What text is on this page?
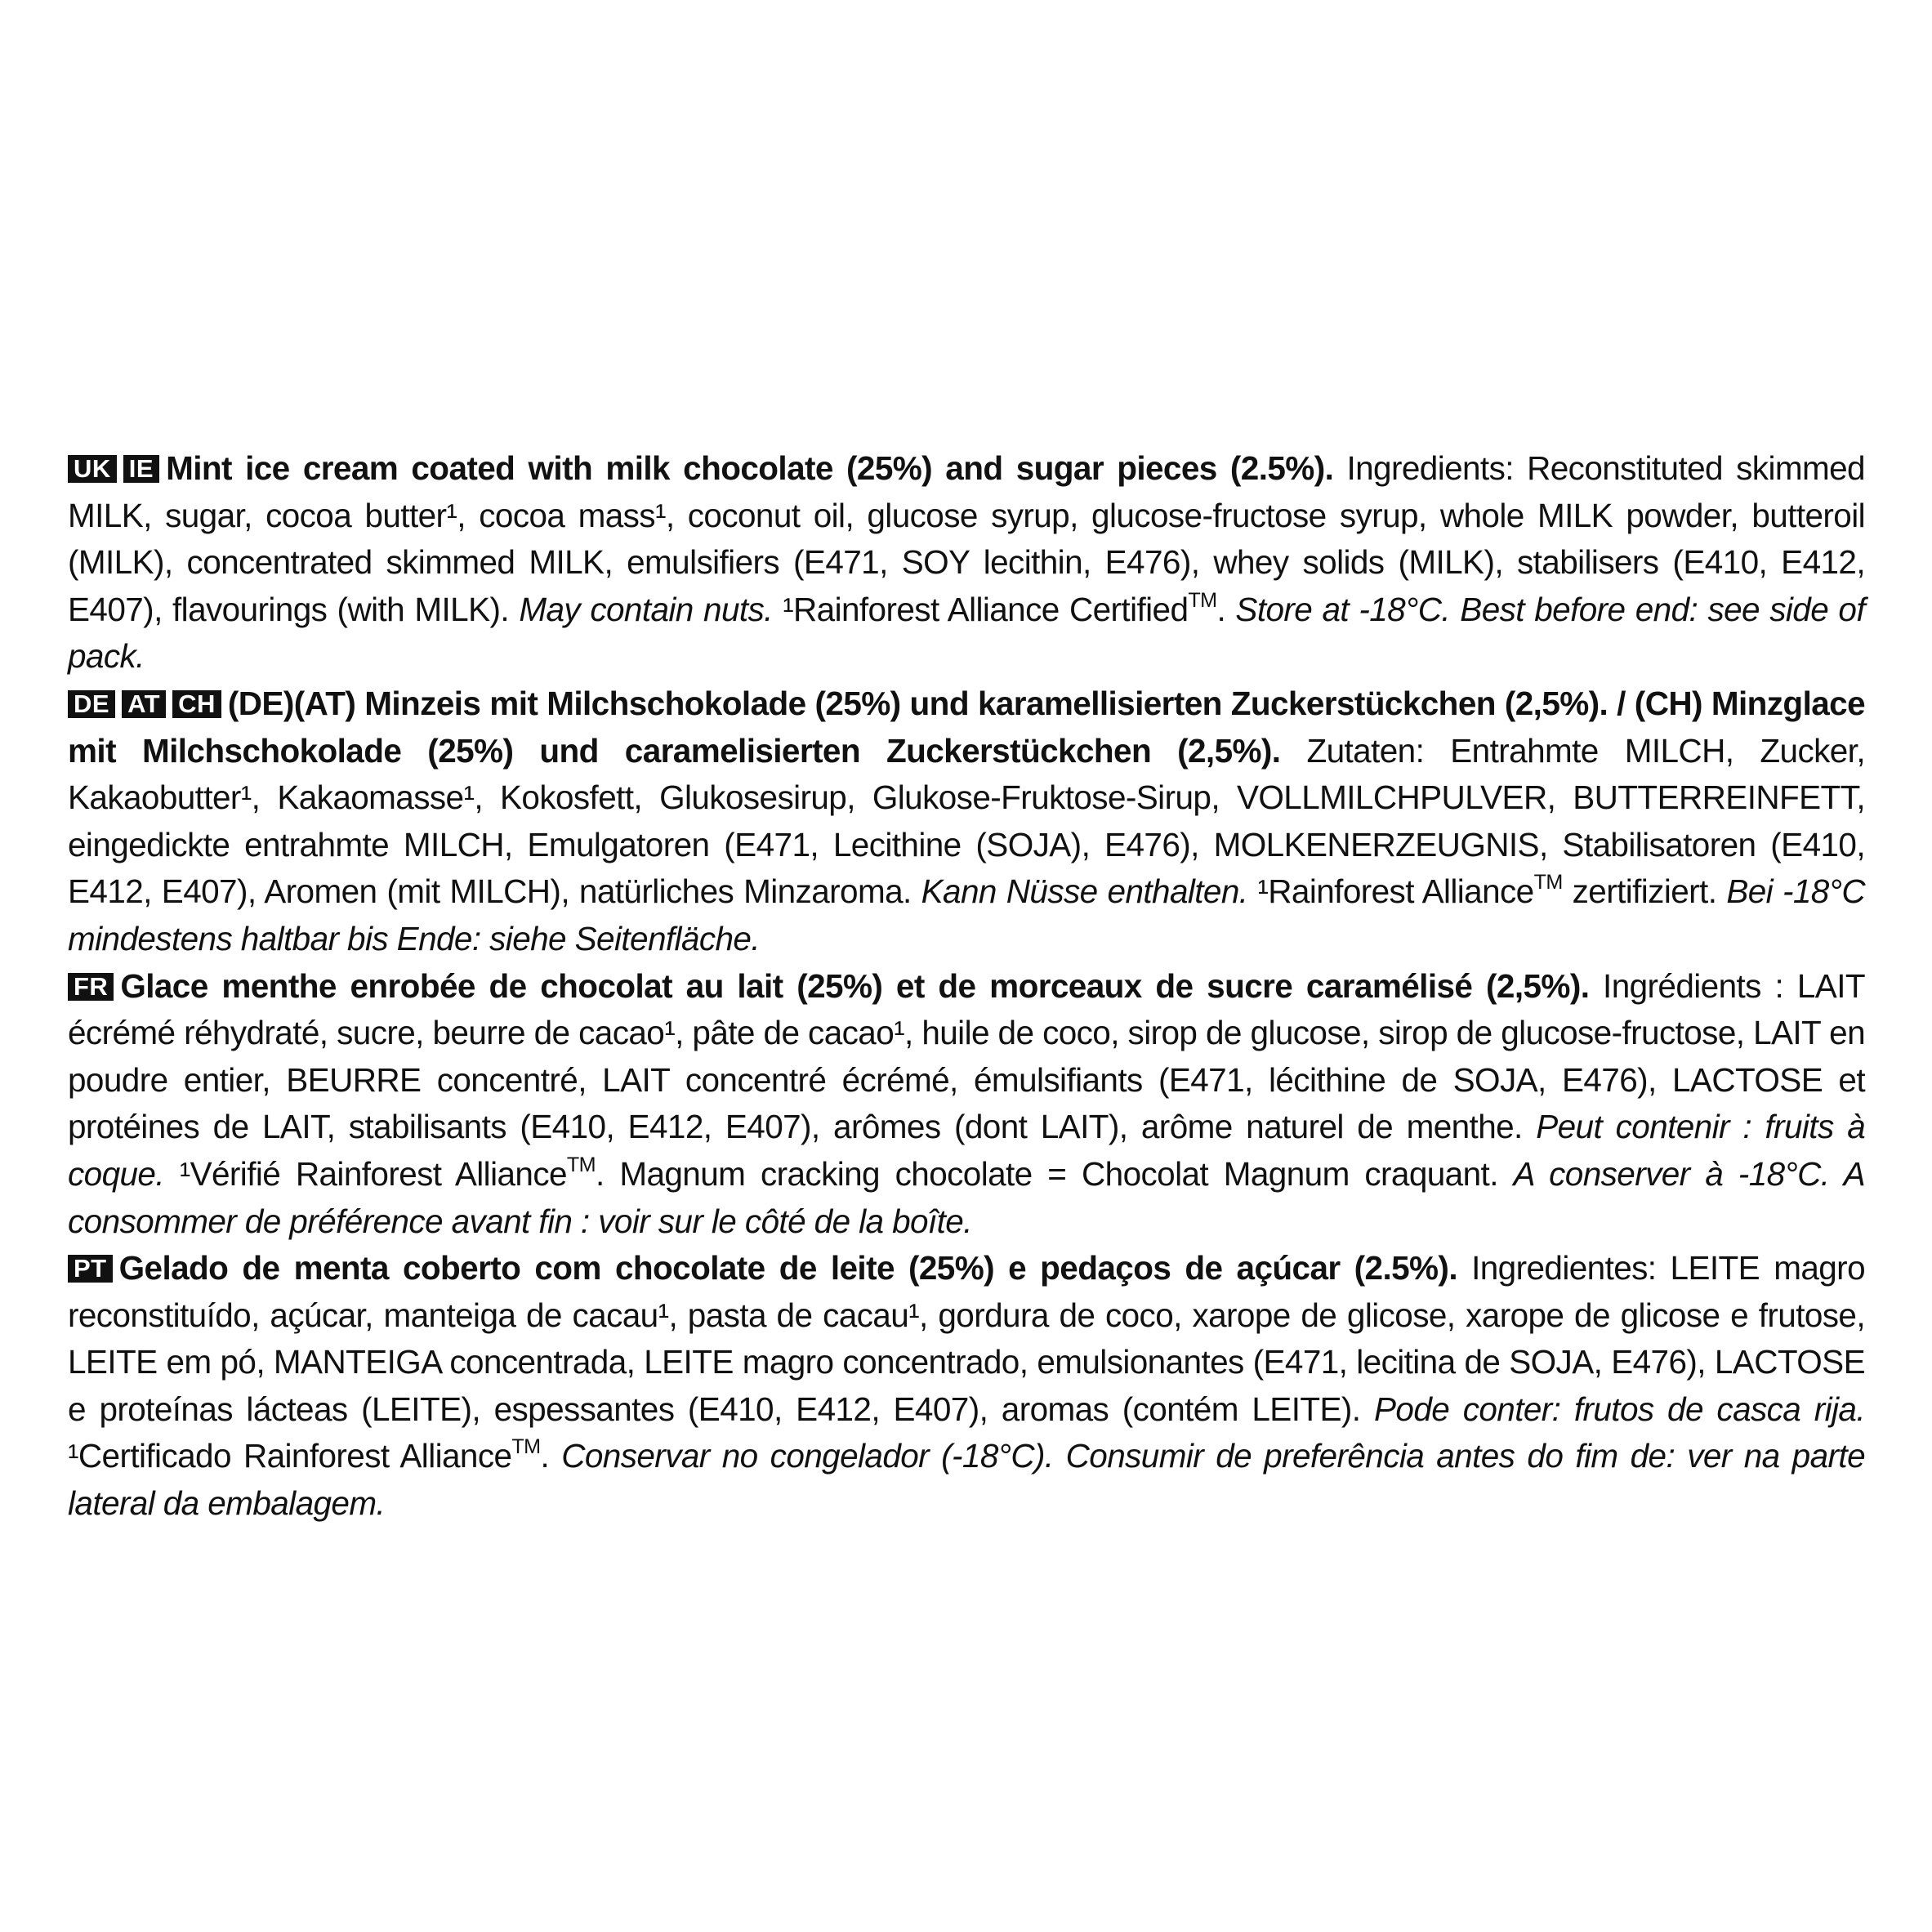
UK IE Mint ice cream coated with milk chocolate (25%) and sugar pieces (2.5%). Ingredients: Reconstituted skimmed MILK, sugar, cocoa butter¹, cocoa mass¹, coconut oil, glucose syrup, glucose-fructose syrup, whole MILK powder, butteroil (MILK), concentrated skimmed MILK, emulsifiers (E471, SOY lecithin, E476), whey solids (MILK), stabilisers (E410, E412, E407), flavourings (with MILK). May contain nuts. ¹Rainforest Alliance Certified™. Store at -18°C. Best before end: see side of pack.

DE AT CH (DE)(AT) Minzeis mit Milchschokolade (25%) und karamellisierten Zuckerstückchen (2,5%). / (CH) Minzglace mit Milchschokolade (25%) und caramelisierten Zuckerstückchen (2,5%). Zutaten: Entrahmte MILCH, Zucker, Kakaobutter¹, Kakaomasse¹, Kokosfett, Glukosesirup, Glukose-Fruktose-Sirup, VOLLMILCHPULVER, BUTTERREINFETT, eingedickte entrahmte MILCH, Emulgatoren (E471, Lecithine (SOJA), E476), MOLKENERZEUGNIS, Stabilisatoren (E410, E412, E407), Aromen (mit MILCH), natürliches Minzaroma. Kann Nüsse enthalten. ¹Rainforest Alliance™ zertifiziert. Bei -18°C mindestens haltbar bis Ende: siehe Seitenfläche.

FR Glace menthe enrobée de chocolat au lait (25%) et de morceaux de sucre caramélisé (2,5%). Ingrédients : LAIT écrémé réhydraté, sucre, beurre de cacao¹, pâte de cacao¹, huile de coco, sirop de glucose, sirop de glucose-fructose, LAIT en poudre entier, BEURRE concentré, LAIT concentré écrémé, émulsifiants (E471, lécithine de SOJA, E476), LACTOSE et protéines de LAIT, stabilisants (E410, E412, E407), arômes (dont LAIT), arôme naturel de menthe. Peut contenir : fruits à coque. ¹Vérifié Rainforest Alliance™. Magnum cracking chocolate = Chocolat Magnum craquant. A conserver à -18°C. A consommer de préférence avant fin : voir sur le côté de la boîte.

PT Gelado de menta coberto com chocolate de leite (25%) e pedaços de açúcar (2.5%). Ingredientes: LEITE magro reconstituído, açúcar, manteiga de cacau¹, pasta de cacau¹, gordura de coco, xarope de glicose, xarope de glicose e frutose, LEITE em pó, MANTEIGA concentrada, LEITE magro concentrado, emulsionantes (E471, lecitina de SOJA, E476), LACTOSE e proteínas lácteas (LEITE), espessantes (E410, E412, E407), aromas (contém LEITE). Pode conter: frutos de casca rija. ¹Certificado Rainforest Alliance™. Conservar no congelador (-18°C). Consumir de preferência antes do fim de: ver na parte lateral da embalagem.
